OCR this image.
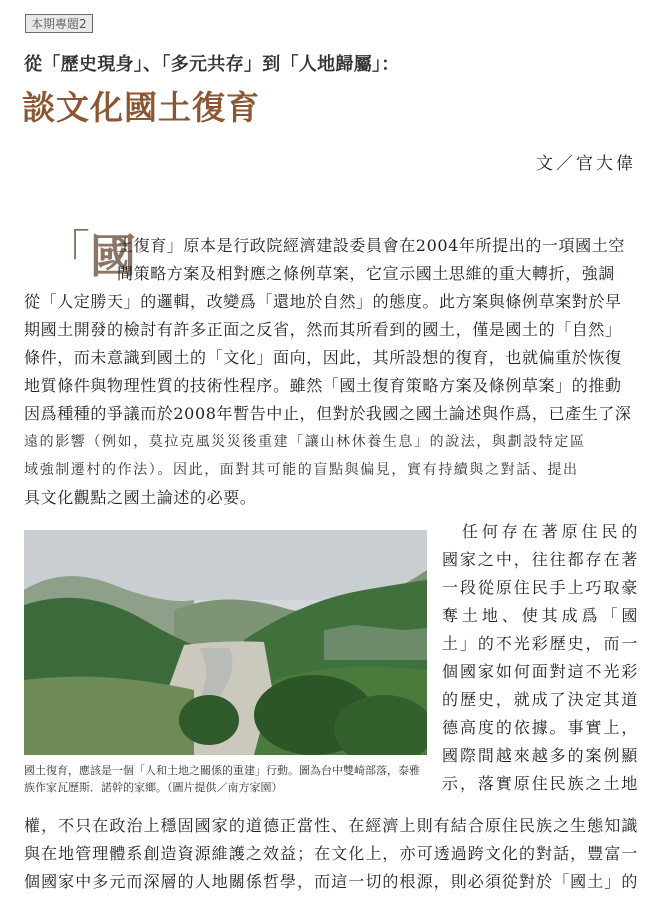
本期專題2
從「歷史現身」、「多元共存」到「人地歸屬」：
談文化國土復育
文／官大偉
「國
土復育」原本是行政院經濟建設委員會在2004年所提出的一項國土空
間策略方案及相對應之條例草案，它宣示國土思維的重大轉折，強調
從「人定勝天」的邏輯，改變爲「還地於自然」的態度。此方案與條例草案對於早
期國土開發的檢討有許多正面之反省，然而其所看到的國土，僅是國土的「自然」
條件，而未意識到國土的「文化」面向，因此，其所設想的復育，也就偏重於恢復
地質條件與物理性質的技術性程序。雖然「國土復育策略方案及條例草案」的推動
因爲種種的爭議而於2008年暫告中止，但對於我國之國土論述與作爲，已產生了深
遠的影響（例如，莫拉克風災災後重建「讓山林休養生息」的說法，與劃設特定區
域強制遷村的作法）。因此，面對其可能的盲點與偏見，實有持續與之對話、提出
具文化觀點之國土論述的必要。
國土復育，應該是一個「人和土地之關係的重建」行動。圖為台中雙崎部落，泰雅族作家瓦歷斯．諾幹的家鄉。（圖片提供／南方家園）
　任何存在著原住民的
國家之中，往往都存在著
一段從原住民手上巧取豪
奪土地、使其成爲「國
土」的不光彩歷史，而一
個國家如何面對這不光彩
的歷史，就成了決定其道
德高度的依據。事實上，
國際間越來越多的案例顯
示，落實原住民族之土地
權，不只在政治上穩固國家的道德正當性、在經濟上則有結合原住民族之生態知識
與在地管理體系創造資源維護之效益；在文化上，亦可透過跨文化的對話，豐富一
個國家中多元而深層的人地關係哲學，而這一切的根源，則必須從對於「國土」的
